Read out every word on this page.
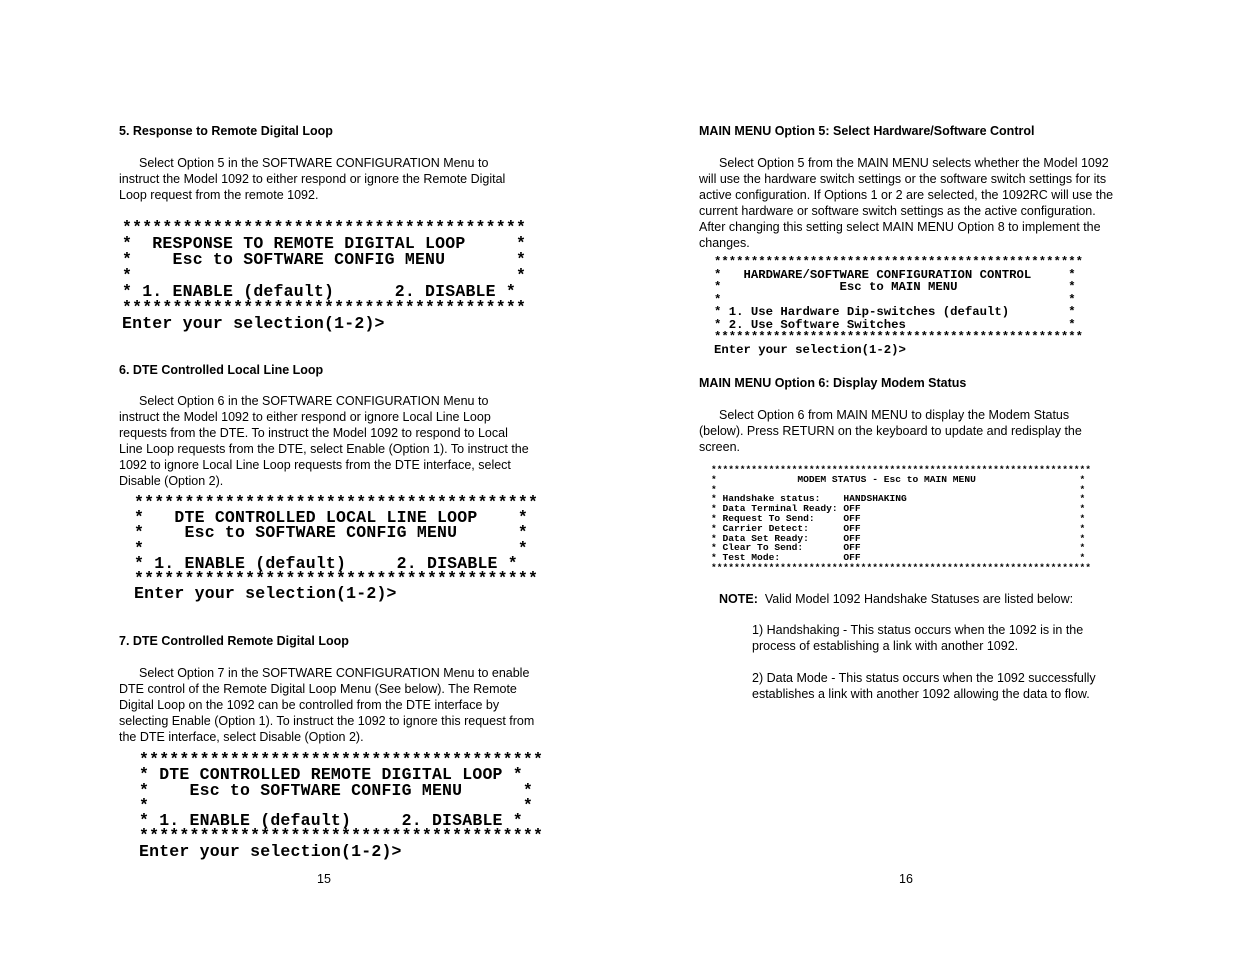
5. Response to Remote Digital Loop

Select Option 5 in the SOFTWARE CONFIGURATION Menu to instruct the Model 1092 to either respond or ignore the Remote Digital Loop request from the remote 1092.

****************************************
*  RESPONSE TO REMOTE DIGITAL LOOP     *
*    Esc to SOFTWARE CONFIG MENU       *
*                                      *
* 1. ENABLE (default)      2. DISABLE *
****************************************
Enter your selection(1-2)>
6. DTE Controlled Local Line Loop

Select Option 6 in the SOFTWARE CONFIGURATION Menu to instruct the Model 1092 to either respond or ignore Local Line Loop requests from the DTE. To instruct the Model 1092 to respond to Local Line Loop requests from the DTE, select Enable (Option 1). To instruct the 1092 to ignore Local Line Loop requests from the DTE interface, select Disable (Option 2).

****************************************
*   DTE CONTROLLED LOCAL LINE LOOP    *
*    Esc to SOFTWARE CONFIG MENU      *
*                                     *
* 1. ENABLE (default)     2. DISABLE *
****************************************
Enter your selection(1-2)>
7. DTE Controlled Remote Digital Loop

Select Option 7 in the SOFTWARE CONFIGURATION Menu to enable DTE control of the Remote Digital Loop Menu (See below). The Remote Digital Loop on the 1092 can be controlled from the DTE interface by selecting Enable (Option 1). To instruct the 1092 to ignore this request from the DTE interface, select Disable (Option 2).

****************************************
* DTE CONTROLLED REMOTE DIGITAL LOOP *
*    Esc to SOFTWARE CONFIG MENU      *
*                                     *
* 1. ENABLE (default)     2. DISABLE *
****************************************
Enter your selection(1-2)>
15
MAIN MENU Option 5: Select Hardware/Software Control

Select Option 5 from the MAIN MENU selects whether the Model 1092 will use the hardware switch settings or the software switch settings for its active configuration. If Options 1 or 2 are selected, the 1092RC will use the current hardware or software switch settings as the active configuration. After changing this setting select MAIN MENU Option 8 to implement the changes.

**************************************************
*   HARDWARE/SOFTWARE CONFIGURATION CONTROL     *
*                Esc to MAIN MENU               *
*                                               *
* 1. Use Hardware Dip-switches (default)        *
* 2. Use Software Switches                      *
**************************************************
Enter your selection(1-2)>
MAIN MENU Option 6: Display Modem Status

Select Option 6 from MAIN MENU to display the Modem Status (below). Press RETURN on the keyboard to update and redisplay the screen.

******************************************************************
*              MODEM STATUS - Esc to MAIN MENU                  *
*                                                               *
* Handshake status:    HANDSHAKING                              *
* Data Terminal Ready: OFF                                      *
* Request To Send:     OFF                                      *
* Carrier Detect:      OFF                                      *
* Data Set Ready:      OFF                                      *
* Clear To Send:       OFF                                      *
* Test Mode:           OFF                                      *
******************************************************************

NOTE: Valid Model 1092 Handshake Statuses are listed below:

1) Handshaking - This status occurs when the 1092 is in the process of establishing a link with another 1092.

2) Data Mode - This status occurs when the 1092 successfully establishes a link with another 1092 allowing the data to flow.

16
